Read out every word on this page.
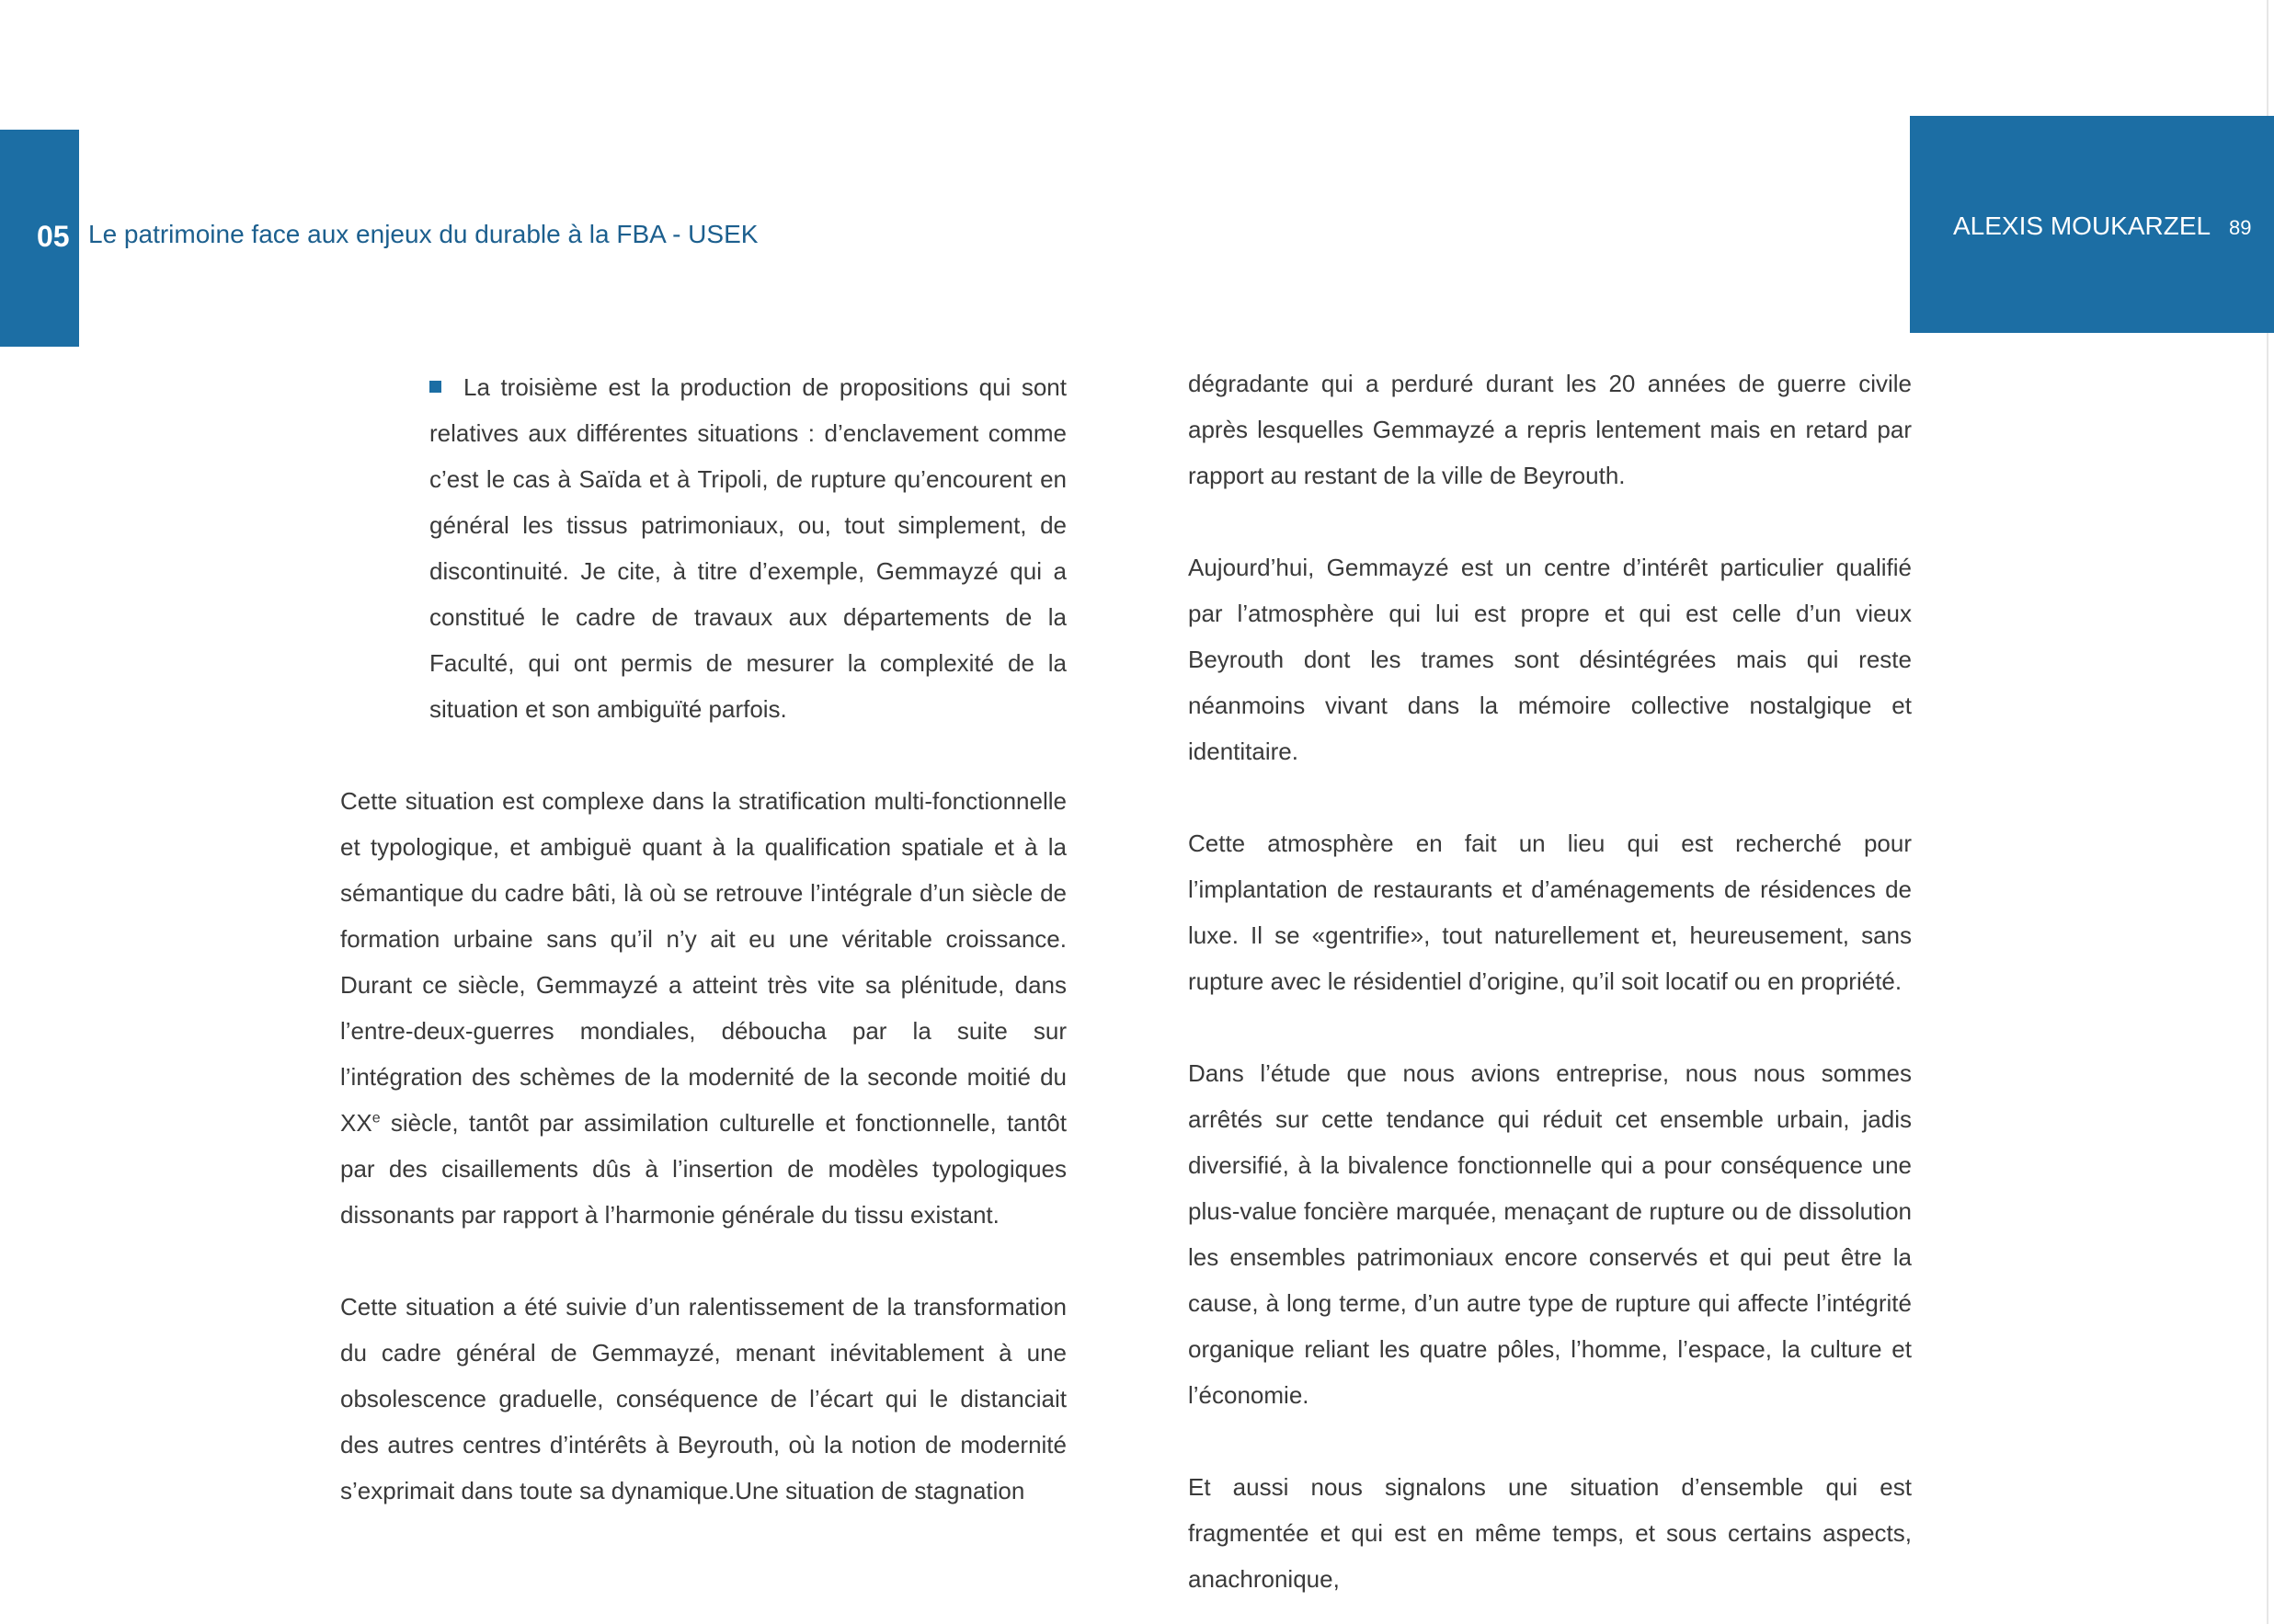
05 Le patrimoine face aux enjeux du durable à la FBA - USEK	ALEXIS MOUKARZEL 89

La troisième est la production de propositions qui sont relatives aux différentes situations : d’enclavement comme c’est le cas à Saïda et à Tripoli, de rupture qu’encourent en général les tissus patrimoniaux, ou, tout simplement, de discontinuité. Je cite, à titre d’exemple, Gemmayzé qui a constitué le cadre de travaux aux départements de la Faculté, qui ont permis de mesurer la complexité de la situation et son ambiguïté parfois.

Cette situation est complexe dans la stratification multi-fonctionnelle et typologique, et ambiguë quant à la qualification spatiale et à la sémantique du cadre bâti, là où se retrouve l’intégrale d’un siècle de formation urbaine sans qu’il n’y ait eu une véritable croissance. Durant ce siècle, Gemmayzé a atteint très vite sa plénitude, dans l’entre-deux-guerres mondiales, déboucha par la suite sur l’intégration des schèmes de la modernité de la seconde moitié du XXe siècle, tantôt par assimilation culturelle et fonctionnelle, tantôt par des cisaillements dûs à l’insertion de modèles typologiques dissonants par rapport à l’harmonie générale du tissu existant.

Cette situation a été suivie d’un ralentissement de la transformation du cadre général de Gemmayzé, menant inévitablement à une obsolescence graduelle, conséquence de l’écart qui le distanciait des autres centres d’intérêts à Beyrouth, où la notion de modernité s’exprimait dans toute sa dynamique.Une situation de stagnation

dégradante qui a perduré durant les 20 années de guerre civile après lesquelles Gemmayzé a repris lentement mais en retard par rapport au restant de la ville de Beyrouth.

Aujourd’hui, Gemmayzé est un centre d’intérêt particulier qualifié par l’atmosphère qui lui est propre et qui est celle d’un vieux Beyrouth dont les trames sont désintégrées mais qui reste néanmoins vivant dans la mémoire collective nostalgique et identitaire.

Cette atmosphère en fait un lieu qui est recherché pour l’implantation de restaurants et d’aménagements de résidences de luxe. Il se «gentrifie», tout naturellement et, heureusement, sans rupture avec le résidentiel d’origine, qu’il soit locatif ou en propriété.

Dans l’étude que nous avions entreprise, nous nous sommes arrêtés sur cette tendance qui réduit cet ensemble urbain, jadis diversifié, à la bivalence fonctionnelle qui a pour conséquence une plus-value foncière marquée, menaçant de rupture ou de dissolution les ensembles patrimoniaux encore conservés et qui peut être la cause, à long terme, d’un autre type de rupture qui affecte l’intégrité organique reliant les quatre pôles, l’homme, l’espace, la culture et l’économie.

Et aussi nous signalons une situation d’ensemble qui est fragmentée et qui est en même temps, et sous certains aspects, anachronique,
